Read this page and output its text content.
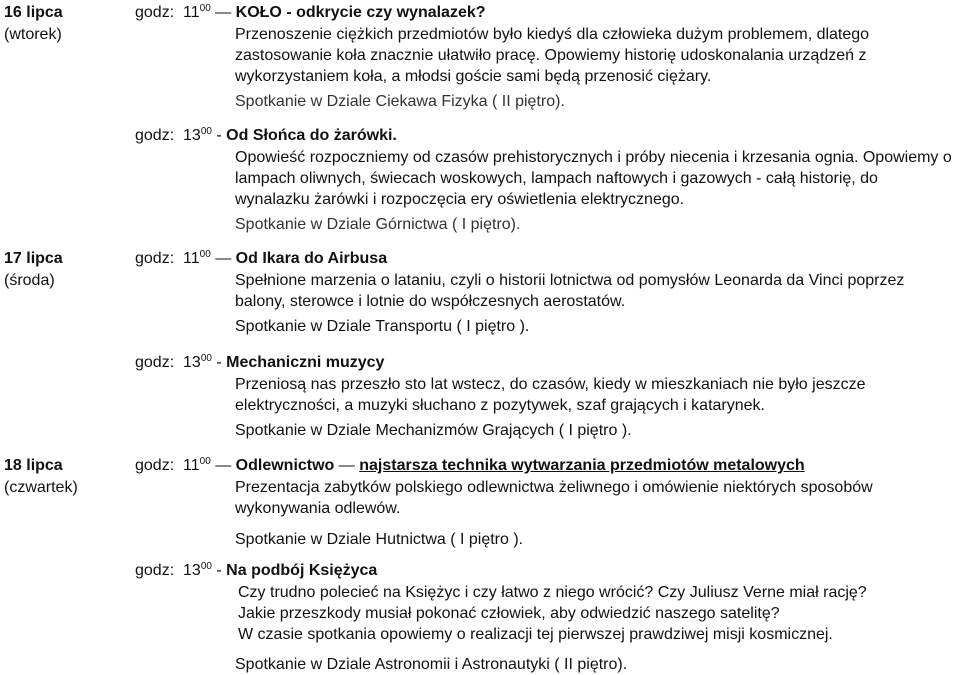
16 lipca
(wtorek)
17 lipca
(środa)
18 lipca
(czwartek)
godz: $11^{00}$ — KOŁO - odkrycie czy wynalazek?

Przenoszenie ciężkich przedmiotów było kiedyś dla człowieka dużym problemem, dlatego zastosowanie koła znacznie ułatwiło pracę. Opowiemy historię udoskonalania urządzeń z wykorzystaniem koła, a młodsi goście sami będą przenosić ciężary.

Spotkanie w Dziale Ciekawa Fizyka ( II piętro).

godz: $13^{00}$ - Od Słońca do żarówki.

Opowieść rozpoczniemy od czasów prehistorycznych i próby niecenia i krzesania ognia. Opowiemy o lampach oliwnych, świecach woskowych, lampach naftowych i gazowych - całą historię, do wynalazku żarówki i rozpoczęcia ery oświetlenia elektrycznego.

Spotkanie w Dziale Górnictwa ( I piętro).

godz: $11^{00}$ — Od Ikara do Airbusa

Spełnione marzenia o lataniu, czyli o historii lotnictwa od pomysłów Leonarda da Vinci poprzez balony, sterowce i lotnie do współczesnych aerostatów.

Spotkanie w Dziale Transportu ( I piętro ).

godz: $13^{00}$ - Mechaniczni muzycy

Przeniosą nas przeszło sto lat wstecz, do czasów, kiedy w mieszkaniach nie było jeszcze elektryczności, a muzyki słuchano z pozytywek, szaf grających i katarynek.

Spotkanie w Dziale Mechanizmów Grających ( I piętro ).

godz: $11^{00}$ — Odlewnictwo — najstarsza technika wytwarzania przedmiotów metalowych

Prezentacja zabytków polskiego odlewnictwa żeliwnego i omówienie niektórych sposobów wykonywania odlewów.

Spotkanie w Dziale Hutnictwa ( I piętro ).

godz: $13^{00}$ - Na podbój Księżyca

Czy trudno polecieć na Księżyc i czy łatwo z niego wrócić? Czy Juliusz Verne miał rację?

Jakie przeszkody musiał pokonać człowiek, aby odwiedzić naszego satelitę?

W czasie spotkania opowiemy o realizacji tej pierwszej prawdziwej misji kosmicznej.

Spotkanie w Dziale Astronomii i Astronautyki ( II piętro).
